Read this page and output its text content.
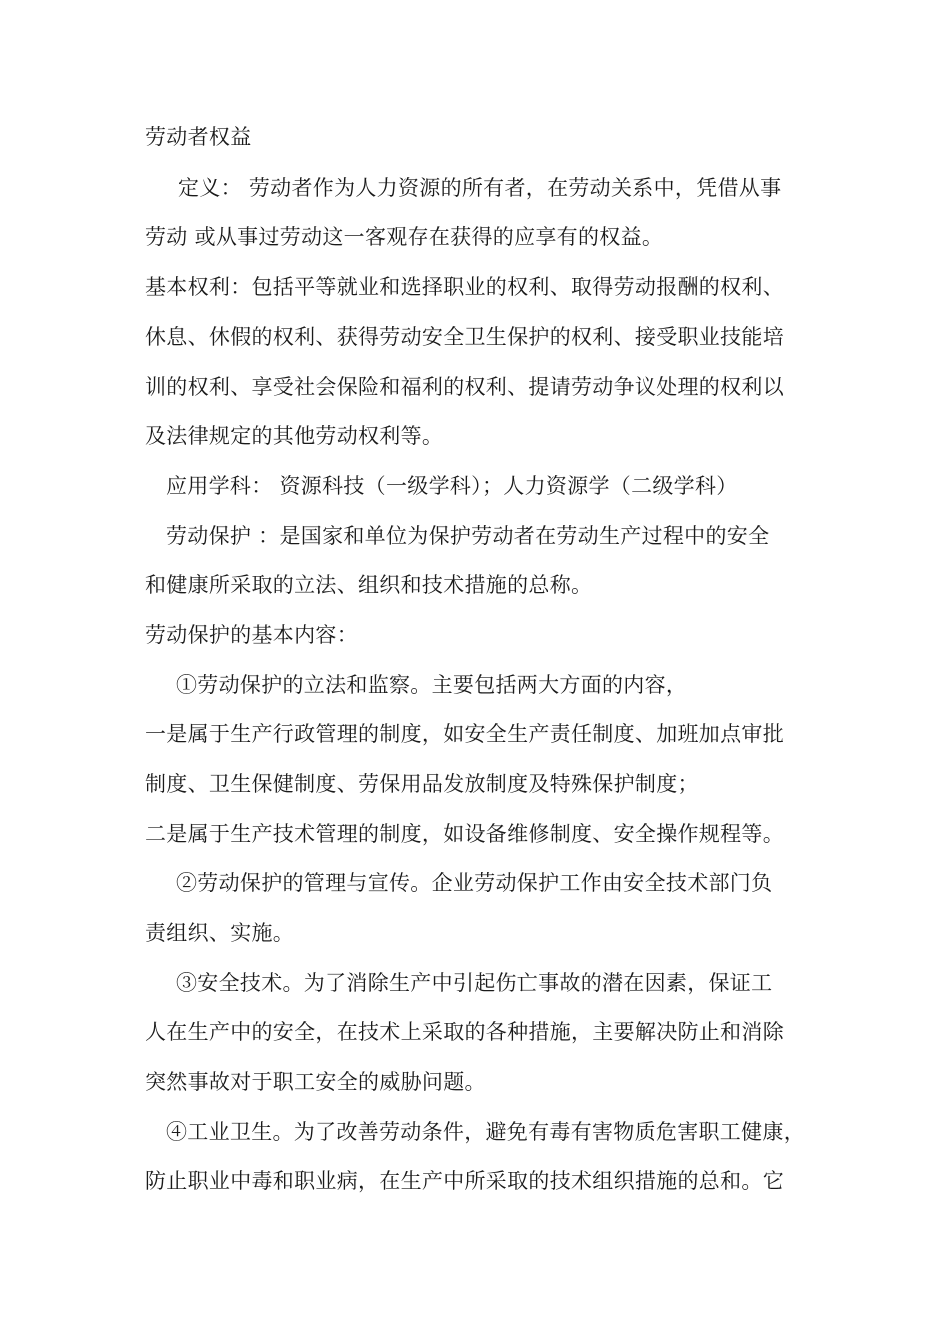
劳动者权益
定义： 劳动者作为人力资源的所有者，在劳动关系中，凭借从事
劳动 或从事过劳动这一客观存在获得的应享有的权益。
基本权利：包括平等就业和选择职业的权利、取得劳动报酬的权利、
休息、休假的权利、获得劳动安全卫生保护的权利、接受职业技能培
训的权利、享受社会保险和福利的权利、提请劳动争议处理的权利以
及法律规定的其他劳动权利等。
应用学科： 资源科技（一级学科）；人力资源学（二级学科）
劳动保护 ：是国家和单位为保护劳动者在劳动生产过程中的安全
和健康所采取的立法、组织和技术措施的总称。
劳动保护的基本内容：
①劳动保护的立法和监察。主要包括两大方面的内容，
一是属于生产行政管理的制度，如安全生产责任制度、加班加点审批
制度、卫生保健制度、劳保用品发放制度及特殊保护制度；
二是属于生产技术管理的制度，如设备维修制度、安全操作规程等。
②劳动保护的管理与宣传。企业劳动保护工作由安全技术部门负
责组织、实施。
③安全技术。为了消除生产中引起伤亡事故的潜在因素，保证工
人在生产中的安全，在技术上采取的各种措施，主要解决防止和消除
突然事故对于职工安全的威胁问题。
④工业卫生。为了改善劳动条件，避免有毒有害物质危害职工健康，
防止职业中毒和职业病，在生产中所采取的技术组织措施的总和。它
